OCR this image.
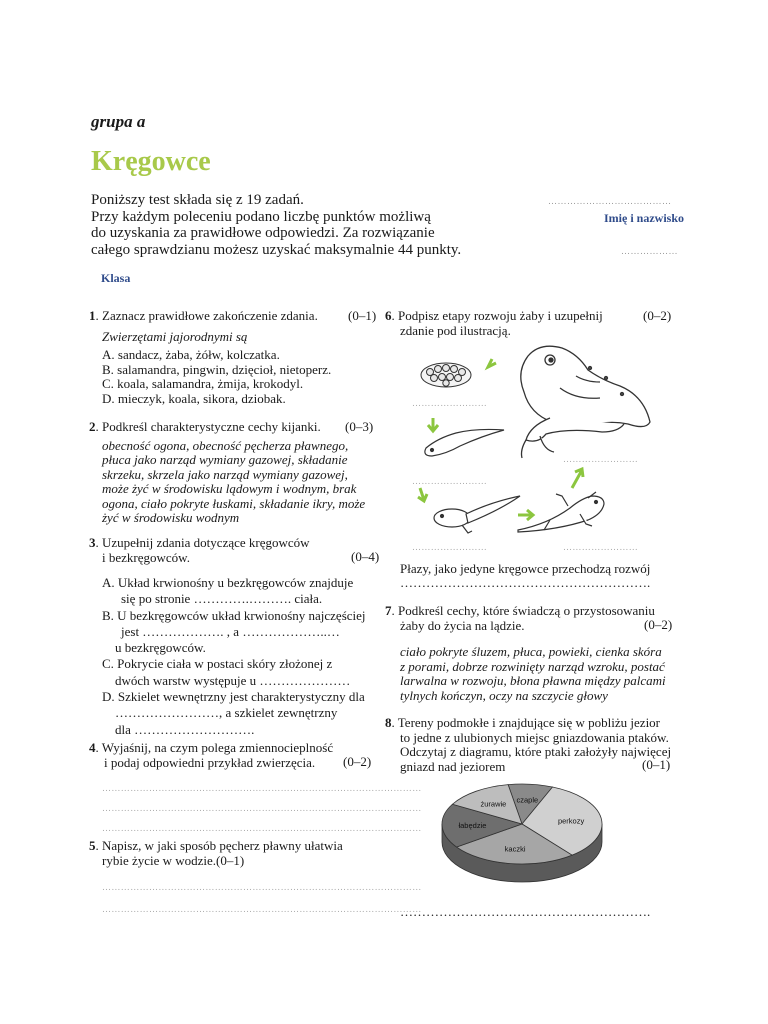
grupa a
Kręgowce
Poniższy test składa się z 19 zadań.
Przy każdym poleceniu podano liczbę punktów możliwą
do uzyskania za prawidłowe odpowiedzi. Za rozwiązanie
całego sprawdzianu możesz uzyskać maksymalnie 44 punkty.
…………………………………
Imię i nazwisko
………………
Klasa
1. Zaznacz prawidłowe zakończenie zdania.	(0–1)
Zwierzętami jajorodnymi są
A. sandacz, żaba, żółw, kolczatka.
B. salamandra, pingwin, dzięcioł, nietoperz.
C. koala, salamandra, żmija, krokodyl.
D. mieczyk, koala, sikora, dziobak.
2. Podkreśl charakterystyczne cechy kijanki.	(0–3)
obecność ogona, obecność pęcherza pławnego,
płuca jako narząd wymiany gazowej, składanie
skrzeku, skrzela jako narząd wymiany gazowej,
może żyć w środowisku lądowym i wodnym, brak
ogona, ciało pokryte łuskami, składanie ikry, może
żyć w środowisku wodnym
3. Uzupełnij zdania dotyczące kręgowców
i bezkręgowców.	(0–4)
A. Układ krwionośny u bezkręgowców znajduje
się po stronie ………….………. ciała.
B. U bezkręgowców układ krwionośny najczęściej
jest ………………. , a ………………..…
u bezkręgowców.
C. Pokrycie ciała w postaci skóry złożonej z
dwóch warstw występuje u …………………
D. Szkielet wewnętrzny jest charakterystyczny dla
……………………, a szkielet zewnętrzny
dla ……………………….
4. Wyjaśnij, na czym polega zmiennocieplność
i podaj odpowiedni przykład zwierzęcia.	(0–2)
…………………………………………………………………………………………
…………………………………………………………………………………………
…………………………………………………………………………………………
5. Napisz, w jaki sposób pęcherz pławny ułatwia
rybie życie w wodzie.(0–1)
…………………………………………………………………………………………
…………………………………………………………………………………………
6. Podpisz etapy rozwoju żaby i uzupełnij
zdanie pod ilustracją.
(0–2)
……………………
……………………
……………………	……………………
……………………
Płazy, jako jedyne kręgowce przechodzą rozwój
………………………………………………….
7. Podkreśl cechy, które świadczą o przystosowaniu
żaby do życia na lądzie.	(0–2)
ciało pokryte śluzem, płuca, powieki, cienka skóra
z porami, dobrze rozwinięty narząd wzroku, postać
larwalna w rozwoju, błona pławna między palcami
tylnych kończyn, oczy na szczycie głowy
8. Tereny podmokłe i znajdujące się w pobliżu jezior
to jedne z ulubionych miejsc gniazdowania ptaków.
Odczytaj z diagramu, które ptaki założyły najwięcej
gniazd nad jeziorem	(0–1)
czaple
perkozy
kaczki
łabędzie
żurawie
………………………………………………….
